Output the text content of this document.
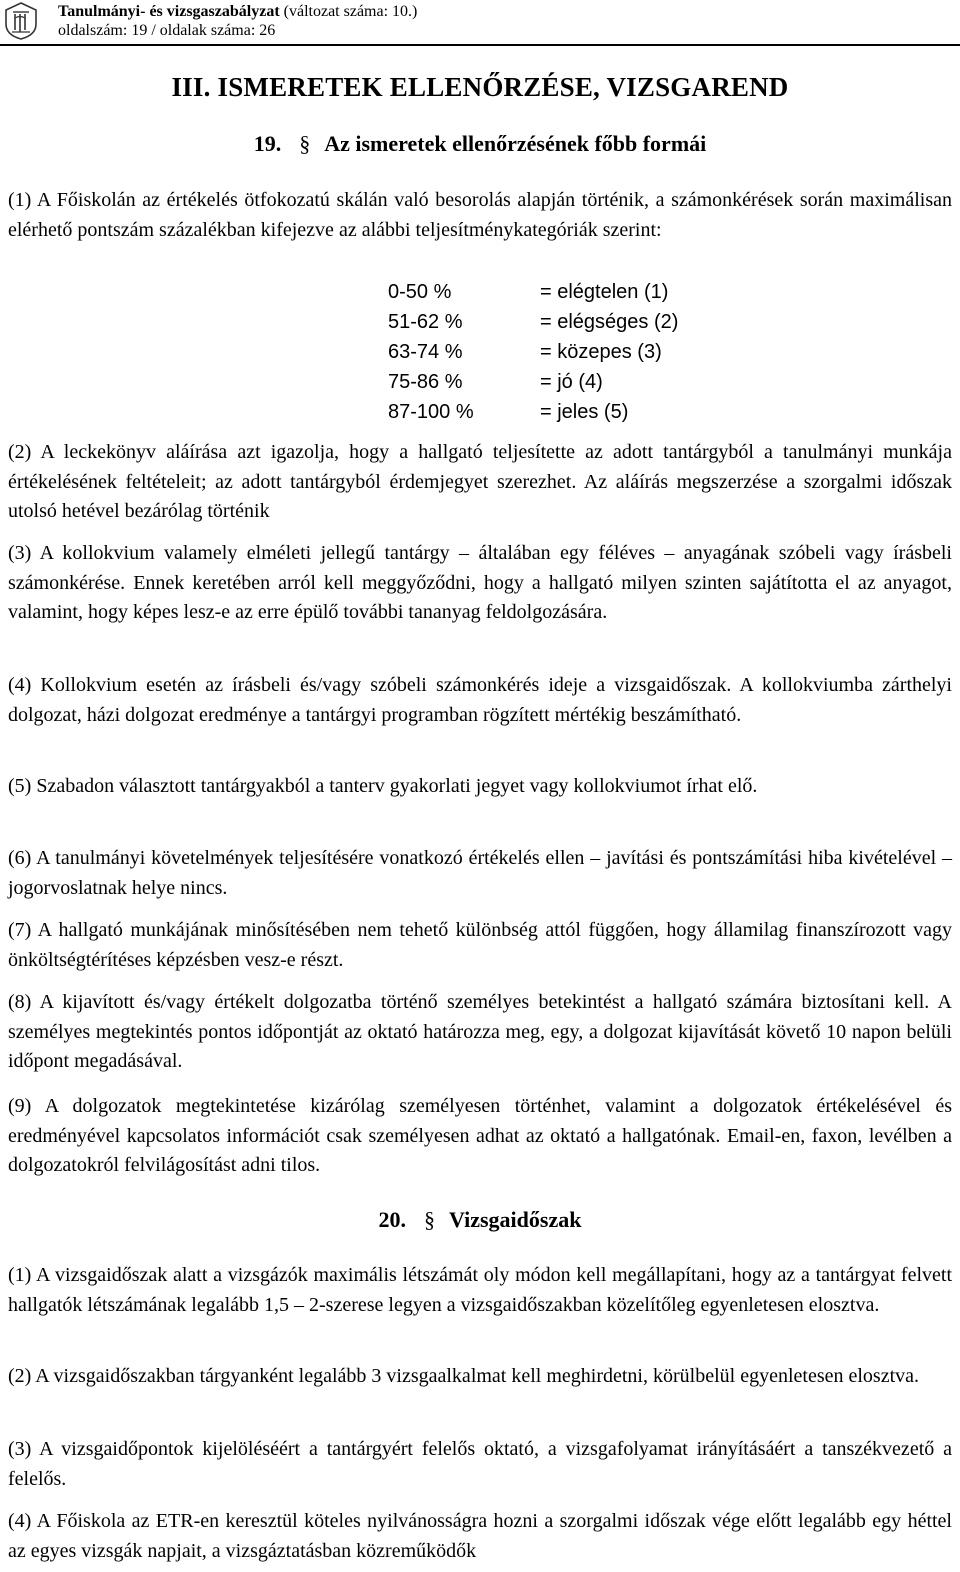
Tanulmányi- és vizsgaszabályzat (változat száma: 10.)
oldalszám: 19 / oldalak száma: 26
III. ISMERETEK ELLENŐRZÉSE, VIZSGAREND
19. § Az ismeretek ellenőrzésének főbb formái

(1) A Főiskolán az értékelés ötfokozatú skálán való besorolás alapján történik, a számonkérések során maximálisan elérhető pontszám százalékban kifejezve az alábbi teljesítménykategóriák szerint:

0-50 %	= elégtelen (1)
51-62 %	= elégséges (2)
63-74 %	= közepes (3)
75-86 %	= jó (4)
87-100 %	= jeles (5)

(2) A leckekönyv aláírása azt igazolja, hogy a hallgató teljesítette az adott tantárgyból a tanulmányi munkája értékelésének feltételeit; az adott tantárgyból érdemjegyet szerezhet. Az aláírás megszerzése a szorgalmi időszak utolsó hetével bezárólag történik

(3) A kollokvium valamely elméleti jellegű tantárgy – általában egy féléves – anyagának szóbeli vagy írásbeli számonkérése. Ennek keretében arról kell meggyőződni, hogy a hallgató milyen szinten sajátította el az anyagot, valamint, hogy képes lesz-e az erre épülő további tananyag feldolgozására.

(4) Kollokvium esetén az írásbeli és/vagy szóbeli számonkérés ideje a vizsgaidőszak. A kollokviumba zárthelyi dolgozat, házi dolgozat eredménye a tantárgyi programban rögzített mértékig beszámítható.

(5) Szabadon választott tantárgyakból a tanterv gyakorlati jegyet vagy kollokviumot írhat elő.

(6) A tanulmányi követelmények teljesítésére vonatkozó értékelés ellen – javítási és pontszámítási hiba kivételével – jogorvoslatnak helye nincs.

(7) A hallgató munkájának minősítésében nem tehető különbség attól függően, hogy államilag finanszírozott vagy önköltségtérítéses képzésben vesz-e részt.

(8) A kijavított és/vagy értékelt dolgozatba történő személyes betekintést a hallgató számára biztosítani kell. A személyes megtekintés pontos időpontját az oktató határozza meg, egy, a dolgozat kijavítását követő 10 napon belüli időpont megadásával.

(9) A dolgozatok megtekintetése kizárólag személyesen történhet, valamint a dolgozatok értékelésével és eredményével kapcsolatos információt csak személyesen adhat az oktató a hallgatónak. Email-en, faxon, levélben a dolgozatokról felvilágosítást adni tilos.

20. § Vizsgaidőszak

(1) A vizsgaidőszak alatt a vizsgázók maximális létszámát oly módon kell megállapítani, hogy az a tantárgyat felvett hallgatók létszámának legalább 1,5 – 2-szerese legyen a vizsgaidőszakban közelítőleg egyenletesen elosztva.

(2) A vizsgaidőszakban tárgyanként legalább 3 vizsgaalkalmat kell meghirdetni, körülbelül egyenletesen elosztva.

(3) A vizsgaidőpontok kijelöléséért a tantárgyért felelős oktató, a vizsgafolyamat irányításáért a tanszékvezető a felelős.

(4) A Főiskola az ETR-en keresztül köteles nyilvánosságra hozni a szorgalmi időszak vége előtt legalább egy héttel az egyes vizsgák napjait, a vizsgáztatásban közreműködők
